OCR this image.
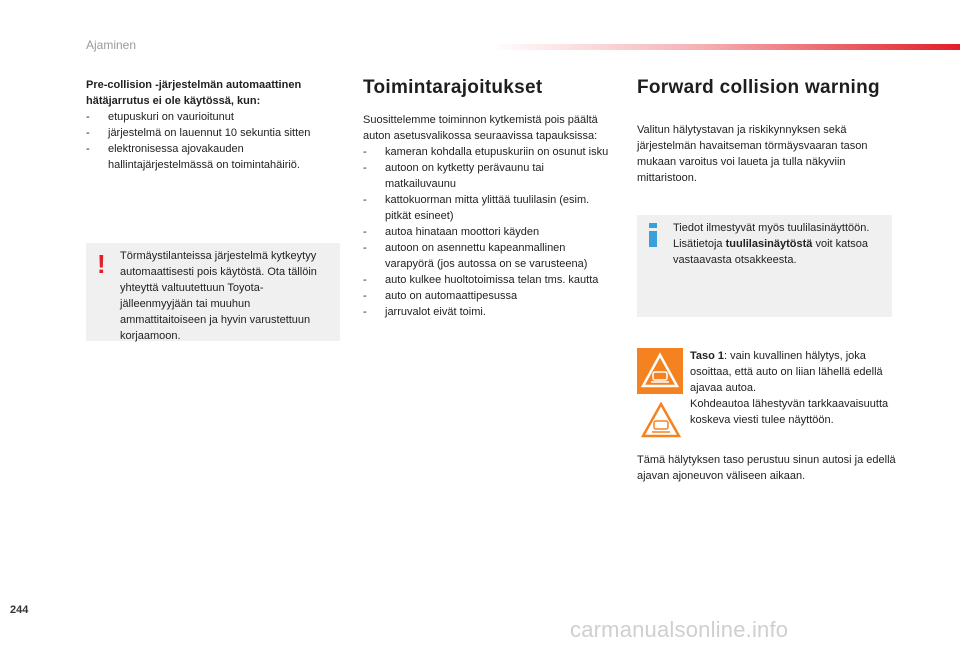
Ajaminen

Pre-collision -järjestelmän automaattinen
hätäjarrutus ei ole käytössä, kun:

- etupuskuri on vaurioitunut
- järjestelmä on lauennut 10 sekuntia sitten
- elektronisessa ajovakauden hallintajärjestelmässä on toimintahäiriö.
! Törmäystilanteissa järjestelmä kytkeytyy automaattisesti pois käytöstä. Ota tällöin yhteyttä valtuutettuun Toyota-jälleenmyyjään tai muuhun ammattitaitoiseen ja hyvin varustettuun korjaamoon.
Toimintarajoitukset

Suosittelemme toiminnon kytkemistä pois päältä auton asetusvalikossa seuraavissa tapauksissa:

- kameran kohdalla etupuskuriin on osunut isku
- autoon on kytketty perävaunu tai matkailuvaunu
- kattokuorman mitta ylittää tuulilasin (esim. pitkät esineet)
- autoa hinataan moottori käyden
- autoon on asennettu kapeanmallinen varapyörä (jos autossa on se varusteena)
- auto kulkee huoltotoimissa telan tms. kautta
- auto on automaattipesussa
- jarruvalot eivät toimi.
Forward collision warning

Valitun hälytystavan ja riskikynnyksen sekä järjestelmän havaitseman törmäysvaaran tason mukaan varoitus voi laueta ja tulla näkyviin mittaristoon.

Tiedot ilmestyvät myös tuulilasinäyttöön.
Lisätietoja tuulilasinäytöstä voit katsoa vastaavasta otsakkeesta.
Taso 1: vain kuvallinen hälytys, joka osoittaa, että auto on liian lähellä edellä ajavaa autoa.
Kohdeautoa lähestyvän tarkkaavaisuutta koskeva viesti tulee näyttöön.
Tämä hälytyksen taso perustuu sinun autosi ja edellä ajavan ajoneuvon väliseen aikaan.
244
carmanualsonline.info
